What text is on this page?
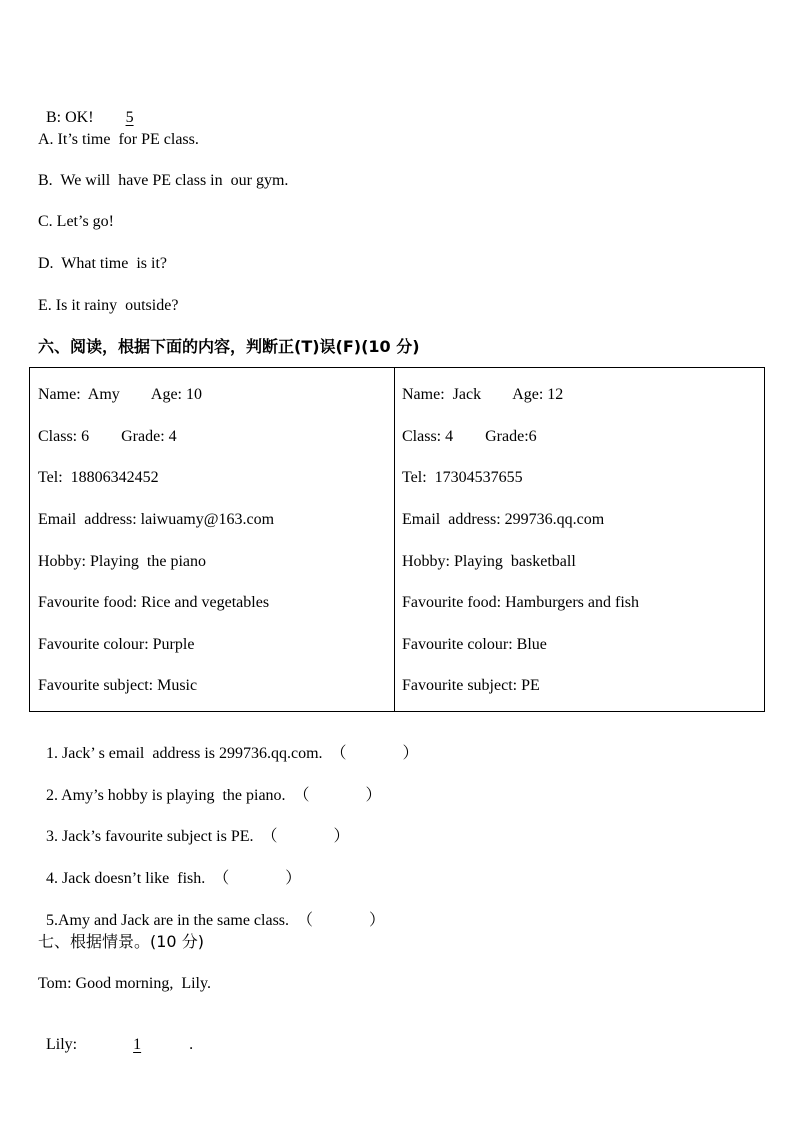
B: OK! 5

A. It’s time  for PE class.
B.  We will  have PE class in  our gym.
C. Let’s go!
D.  What time  is it?
E. Is it rainy  outside?
六、阅读，根据下面的内容，判断正(T)误(F)(10 分)
Name:  Amy        Age: 10
Class: 6        Grade: 4
Tel:  18806342452
Email  address: laiwuamy@163.com
Hobby: Playing  the piano
Favourite food: Rice and vegetables
Favourite colour: Purple
Favourite subject: Music

Name:  Jack        Age: 12
Class: 4        Grade:6
Tel:  17304537655
Email  address: 299736.qq.com
Hobby: Playing  basketball
Favourite food: Hamburgers and fish
Favourite colour: Blue
Favourite subject: PE

1. Jack’ s email  address is 299736.qq.com. （              ）

2. Amy’s hobby is playing  the piano. （              ）

3. Jack’s favourite subject is PE. （              ）

4. Jack doesn’t like  fish. （              ）

5.Amy and Jack are in the same class. （              ）

七、根据情景。(10 分)
Tom: Good morning,  Lily.

Lily:	1	.
